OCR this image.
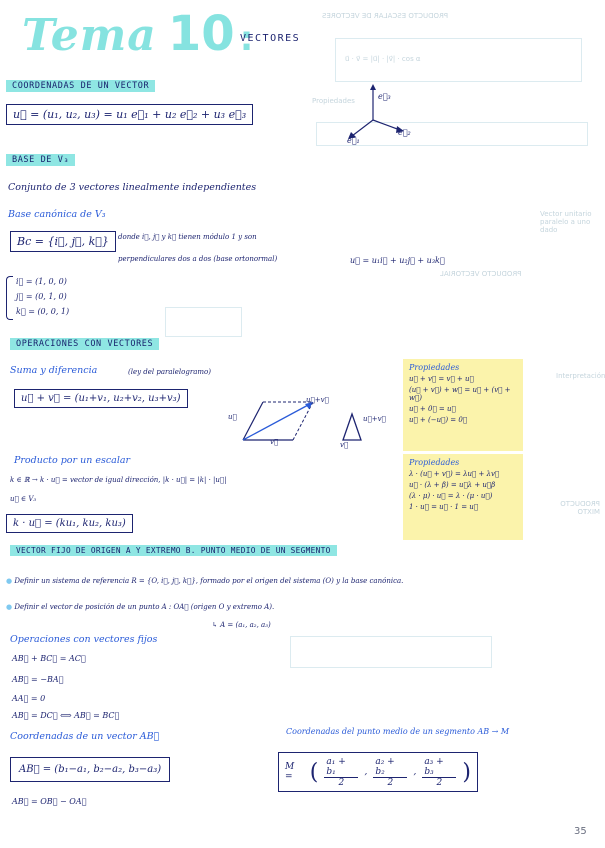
PRODUCTO ESCALAR DE VECTORES
u⃗ · v⃗ = |u⃗| · |v⃗| · cos α
Propiedades
Vector unitario paralelo a uno dado
PRODUCTO VECTORIAL
Interpretación
PRODUCTO MIXTO
Tema 10 :
VECTORES
COORDENADAS DE UN VECTOR
u⃗ = (u₁, u₂, u₃) = u₁ e⃗₁ + u₂ e⃗₂ + u₃ e⃗₃
e⃗₃
e⃗₂
e⃗₁
BASE DE V₃
Conjunto de 3 vectores linealmente independientes
Base canónica de V₃
Bc = {i⃗, j⃗, k⃗}	donde i⃗, j⃗ y k⃗ tienen módulo 1 y son
perpendiculares dos a dos (base ortonormal)
i⃗ = (1, 0, 0)
j⃗ = (0, 1, 0)
k⃗ = (0, 0, 1)
u⃗ = u₁i⃗ + u₂j⃗ + u₃k⃗
OPERACIONES CON VECTORES
Suma y diferencia	(ley del paralelogramo)
u⃗ + v⃗ = (u₁+v₁, u₂+v₂, u₃+v₃)
u⃗
v⃗
u⃗+v⃗
u⃗+v⃗
v⃗
Propiedades
u⃗ + v⃗ = v⃗ + u⃗
(u⃗ + v⃗) + w⃗ = u⃗ + (v⃗ + w⃗)
u⃗ + 0⃗ = u⃗
u⃗ + (−u⃗) = 0⃗
Producto por un escalar
k ∈ ℝ → k · u⃗ = vector de igual dirección, |k · u⃗| = |k| · |u⃗|
u⃗ ∈ V₃
k · u⃗ = (ku₁, ku₂, ku₃)
Propiedades
λ · (u⃗ + v⃗) = λu⃗ + λv⃗
u⃗ · (λ + β) = u⃗λ + u⃗β
(λ · μ) · u⃗ = λ · (μ · u⃗)
1 · u⃗ = u⃗ · 1 = u⃗
VECTOR FIJO DE ORIGEN A Y EXTREMO B. PUNTO MEDIO DE UN SEGMENTO
● Definir un sistema de referencia R = {O, i⃗, j⃗, k⃗}, formado por el origen del sistema (O) y la base canónica.
● Definir el vector de posición de un punto A : OA⃗ (origen O y extremo A).
↳ A = (a₁, a₂, a₃)
Operaciones con vectores fijos
AB⃗ + BC⃗ = AC⃗
AB⃗ = −BA⃗
AA⃗ = 0
AB⃗ = DC⃗ ⟺ AB⃗ = BC⃗
Coordenadas de un vector AB⃗
AB⃗ = (b₁−a₁, b₂−a₂, b₃−a₃)
AB⃗ = OB⃗ − OA⃗
Coordenadas del punto medio de un segmento AB → M
M = ( $\frac{\text{a₁ + b₁}}{2}$ , $\frac{\text{a₂ + b₂}}{2}$ , $\frac{\text{a₃ + b₃}}{2}$ )
35
